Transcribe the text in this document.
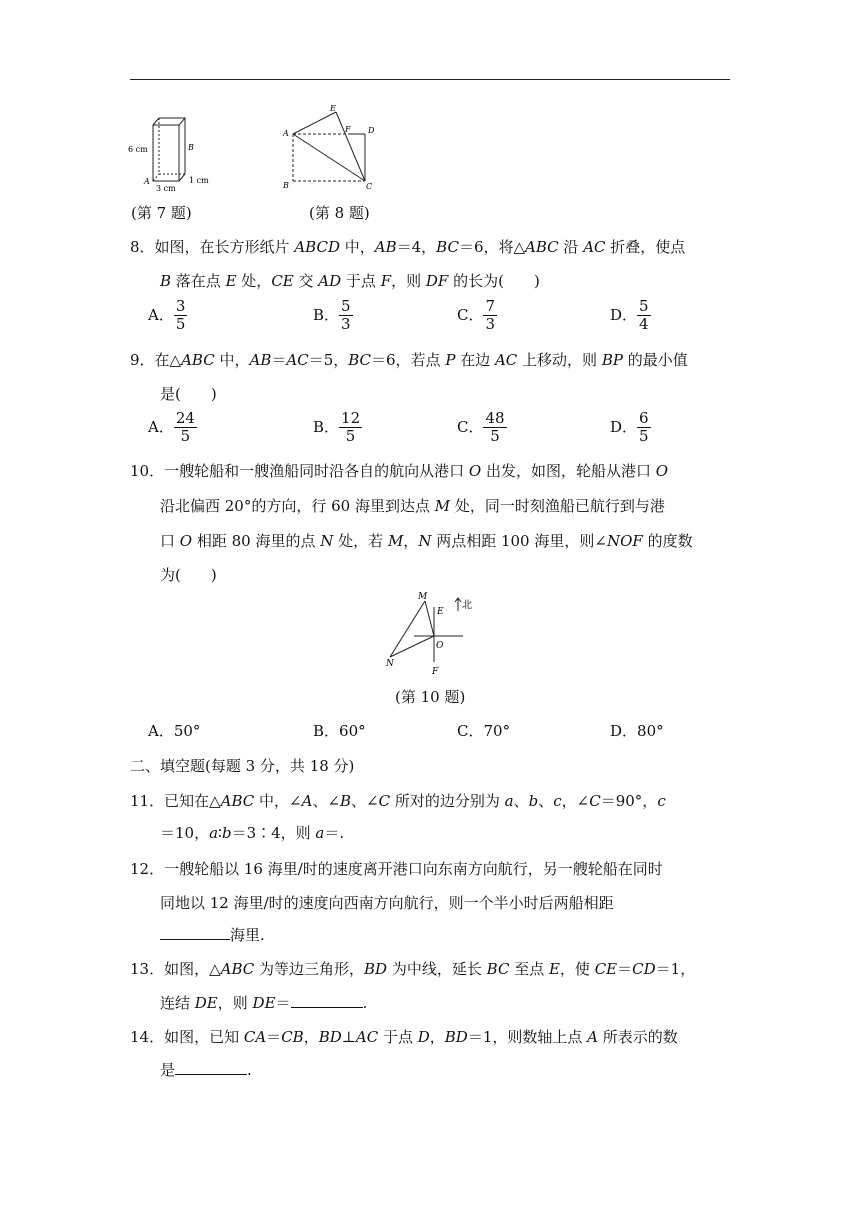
6 cm	B
A	1 cm
3 cm
(第 7 题)
E
A	F D
B	C
(第 8 题)
8．如图，在长方形纸片 ABCD 中，AB＝4，BC＝6，将△ABC 沿 AC 折叠，使点
B 落在点 E 处，CE 交 AD 于点 F，则 DF 的长为(　　)
A． $\frac{3}{5}$	B． $\frac{5}{3}$	C． $\frac{7}{3}$	D． $\frac{5}{4}$
9．在△ABC 中，AB＝AC＝5，BC＝6，若点 P 在边 AC 上移动，则 BP 的最小值
是(　　)
A． $\frac{24}{5}$	B． $\frac{12}{5}$	C． $\frac{48}{5}$	D． $\frac{6}{5}$
10．一艘轮船和一艘渔船同时沿各自的航向从港口 O 出发，如图，轮船从港口 O
沿北偏西 20°的方向，行 60 海里到达点 M 处，同一时刻渔船已航行到与港
口 O 相距 80 海里的点 N 处，若 M，N 两点相距 100 海里，则∠NOF 的度数
为(　　)
M
E
北
O
N
F
(第 10 题)
A．50°	B．60°	C．70°	D．80°
二、填空题(每题 3 分，共 18 分)
11．已知在△ABC 中，∠A、∠B、∠C 所对的边分别为 a、b、c，∠C＝90°，c
＝10，a∶b＝3∶4，则 a＝.
12．一艘轮船以 16 海里/时的速度离开港口向东南方向航行，另一艘轮船在同时
同地以 12 海里/时的速度向西南方向航行，则一个半小时后两船相距
海里.
13．如图，△ABC 为等边三角形，BD 为中线，延长 BC 至点 E，使 CE＝CD＝1，
连结 DE，则 DE＝	.
14．如图，已知 CA＝CB，BD⊥AC 于点 D，BD＝1，则数轴上点 A 所表示的数
是	.
